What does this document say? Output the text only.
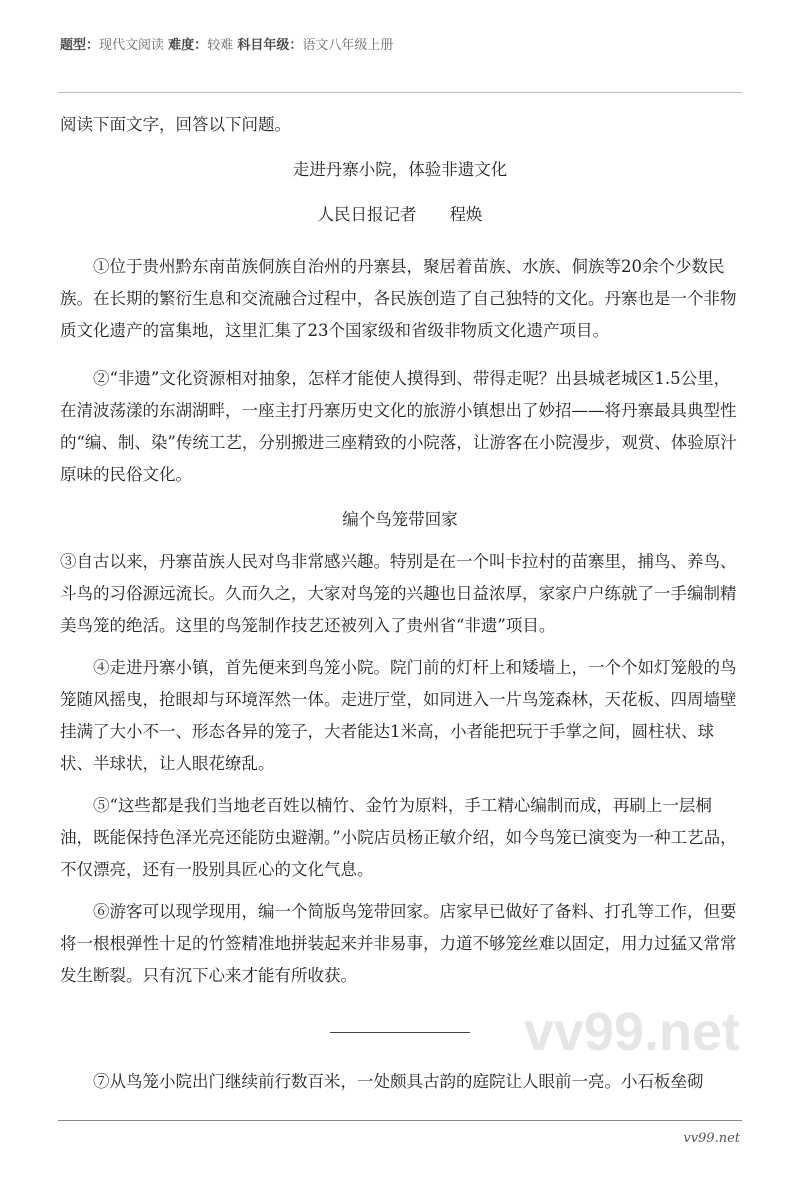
题型：现代文阅读 难度：较难 科目年级：语文八年级上册

阅读下面文字，回答以下问题。

走进丹寨小院，体验非遗文化

人民日报记者　　程焕

①位于贵州黔东南苗族侗族自治州的丹寨县，聚居着苗族、水族、侗族等20余个少数民族。在长期的繁衍生息和交流融合过程中，各民族创造了自己独特的文化。丹寨也是一个非物质文化遗产的富集地，这里汇集了23个国家级和省级非物质文化遗产项目。

②“非遗”文化资源相对抽象，怎样才能使人摸得到、带得走呢？出县城老城区1.5公里，在清波荡漾的东湖湖畔，一座主打丹寨历史文化的旅游小镇想出了妙招——将丹寨最具典型性的“编、制、染”传统工艺，分别搬进三座精致的小院落，让游客在小院漫步，观赏、体验原汁原味的民俗文化。

编个鸟笼带回家

③自古以来，丹寨苗族人民对鸟非常感兴趣。特别是在一个叫卡拉村的苗寨里，捕鸟、养鸟、斗鸟的习俗源远流长。久而久之，大家对鸟笼的兴趣也日益浓厚，家家户户练就了一手编制精美鸟笼的绝活。这里的鸟笼制作技艺还被列入了贵州省“非遗”项目。

④走进丹寨小镇，首先便来到鸟笼小院。院门前的灯杆上和矮墙上，一个个如灯笼般的鸟笼随风摇曳，抢眼却与环境浑然一体。走进厅堂，如同进入一片鸟笼森林，天花板、四周墙壁挂满了大小不一、形态各异的笼子，大者能达1米高，小者能把玩于手掌之间，圆柱状、球状、半球状，让人眼花缭乱。

⑤“这些都是我们当地老百姓以楠竹、金竹为原料，手工精心编制而成，再刷上一层桐油，既能保持色泽光亮还能防虫避潮。”小院店员杨正敏介绍，如今鸟笼已演变为一种工艺品，不仅漂亮，还有一股别具匠心的文化气息。

⑥游客可以现学现用，编一个简版鸟笼带回家。店家早已做好了备料、打孔等工作，但要将一根根弹性十足的竹签精准地拼装起来并非易事，力道不够笼丝难以固定，用力过猛又常常发生断裂。只有沉下心来才能有所收获。

vv99.net

⑦从鸟笼小院出门继续前行数百米，一处颇具古韵的庭院让人眼前一亮。小石板垒砌

vv99.net
